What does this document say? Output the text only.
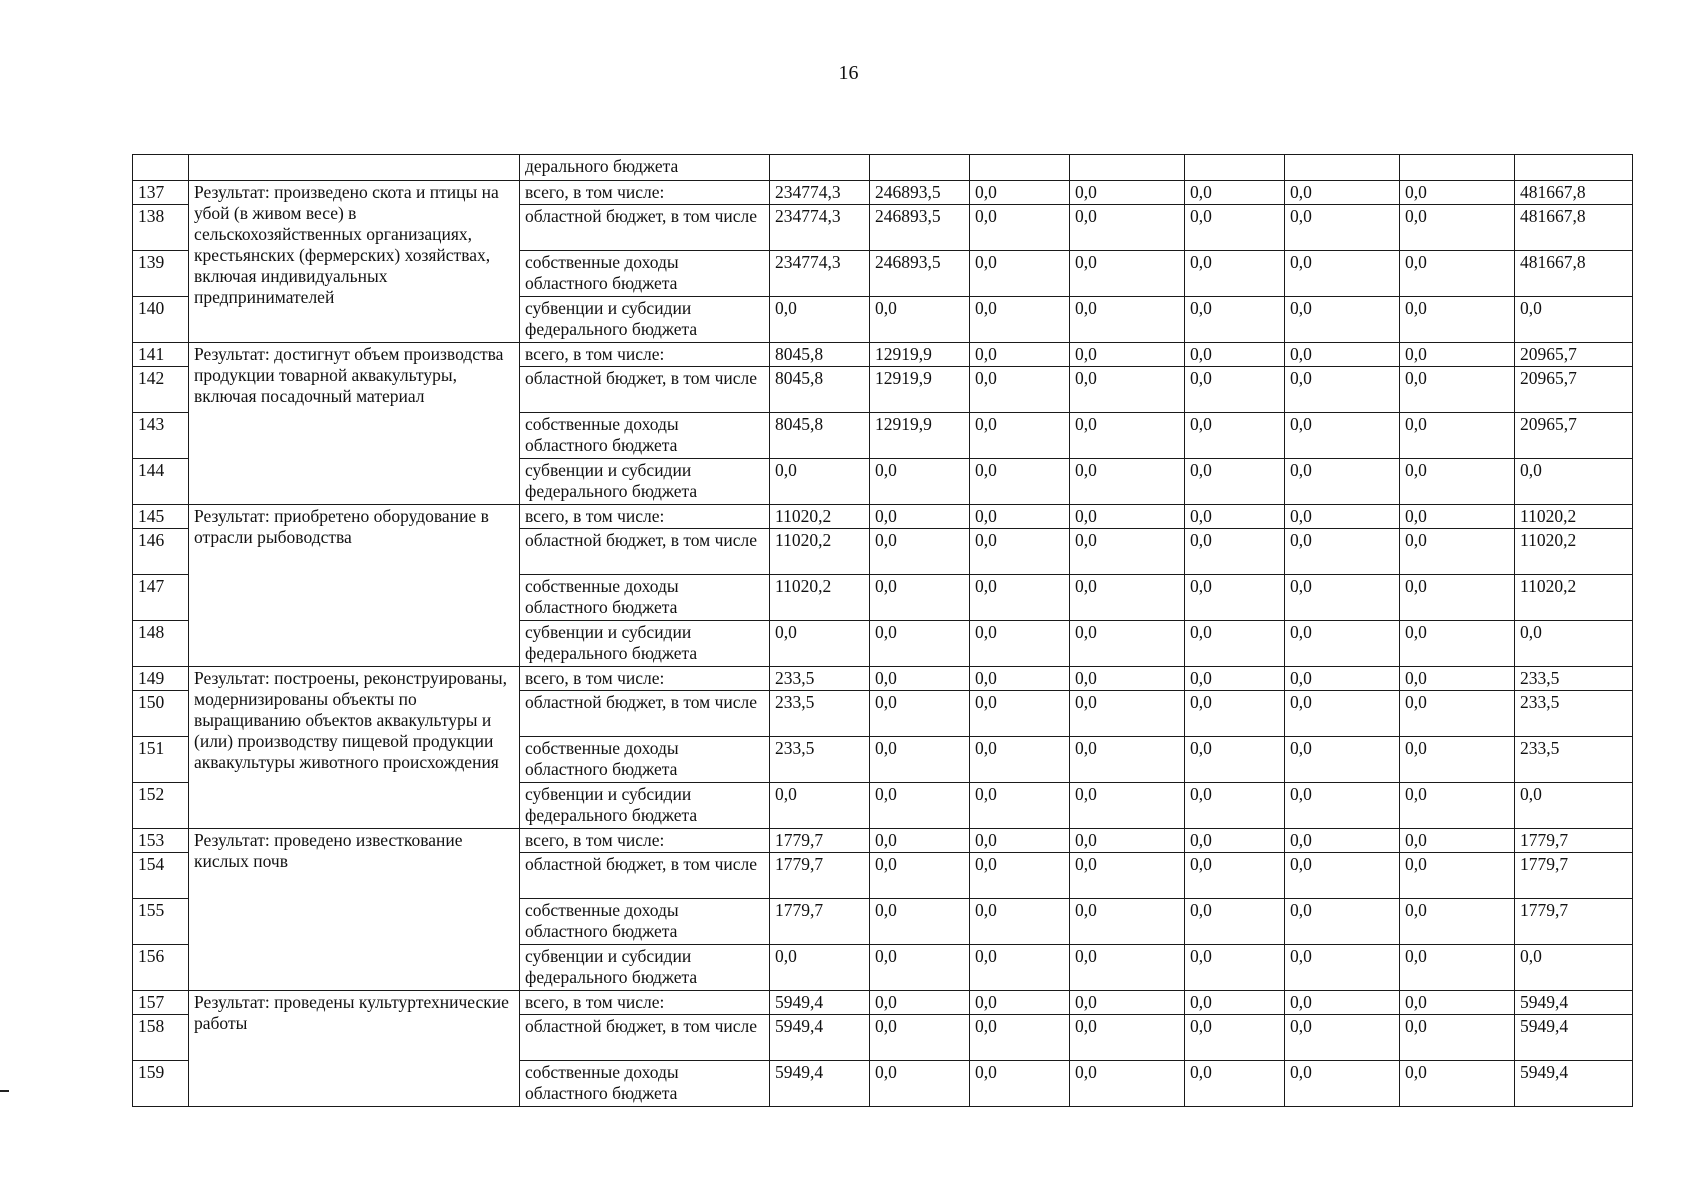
16
		дерального бюджета								
137	Результат: произведено скота и птицы на убой (в живом весе) в сельскохозяйственных организациях, крестьянских (фермерских) хозяйствах, включая индивидуальных предпринимателей	всего, в том числе:	234774,3	246893,5	0,0	0,0	0,0	0,0	0,0	481667,8
138		областной бюджет, в том числе	234774,3	246893,5	0,0	0,0	0,0	0,0	0,0	481667,8
139		собственные доходы областного бюджета	234774,3	246893,5	0,0	0,0	0,0	0,0	0,0	481667,8
140		субвенции и субсидии федерального бюджета	0,0	0,0	0,0	0,0	0,0	0,0	0,0	0,0
141	Результат: достигнут объем производства продукции товарной аквакультуры, включая посадочный материал	всего, в том числе:	8045,8	12919,9	0,0	0,0	0,0	0,0	0,0	20965,7
142		областной бюджет, в том числе	8045,8	12919,9	0,0	0,0	0,0	0,0	0,0	20965,7
143		собственные доходы областного бюджета	8045,8	12919,9	0,0	0,0	0,0	0,0	0,0	20965,7
144		субвенции и субсидии федерального бюджета	0,0	0,0	0,0	0,0	0,0	0,0	0,0	0,0
145	Результат: приобретено оборудование в отрасли рыбоводства	всего, в том числе:	11020,2	0,0	0,0	0,0	0,0	0,0	0,0	11020,2
146		областной бюджет, в том числе	11020,2	0,0	0,0	0,0	0,0	0,0	0,0	11020,2
147		собственные доходы областного бюджета	11020,2	0,0	0,0	0,0	0,0	0,0	0,0	11020,2
148		субвенции и субсидии федерального бюджета	0,0	0,0	0,0	0,0	0,0	0,0	0,0	0,0
149	Результат: построены, реконструированы, модернизированы объекты по выращиванию объектов аквакультуры и (или) производству пищевой продукции аквакультуры животного происхождения	всего, в том числе:	233,5	0,0	0,0	0,0	0,0	0,0	0,0	233,5
150		областной бюджет, в том числе	233,5	0,0	0,0	0,0	0,0	0,0	0,0	233,5
151		собственные доходы областного бюджета	233,5	0,0	0,0	0,0	0,0	0,0	0,0	233,5
152		субвенции и субсидии федерального бюджета	0,0	0,0	0,0	0,0	0,0	0,0	0,0	0,0
153	Результат: проведено известкование кислых почв	всего, в том числе:	1779,7	0,0	0,0	0,0	0,0	0,0	0,0	1779,7
154		областной бюджет, в том числе	1779,7	0,0	0,0	0,0	0,0	0,0	0,0	1779,7
155		собственные доходы областного бюджета	1779,7	0,0	0,0	0,0	0,0	0,0	0,0	1779,7
156		субвенции и субсидии федерального бюджета	0,0	0,0	0,0	0,0	0,0	0,0	0,0	0,0
157	Результат: проведены культуртехнические работы	всего, в том числе:	5949,4	0,0	0,0	0,0	0,0	0,0	0,0	5949,4
158		областной бюджет, в том числе	5949,4	0,0	0,0	0,0	0,0	0,0	0,0	5949,4
159		собственные доходы областного бюджета	5949,4	0,0	0,0	0,0	0,0	0,0	0,0	5949,4
